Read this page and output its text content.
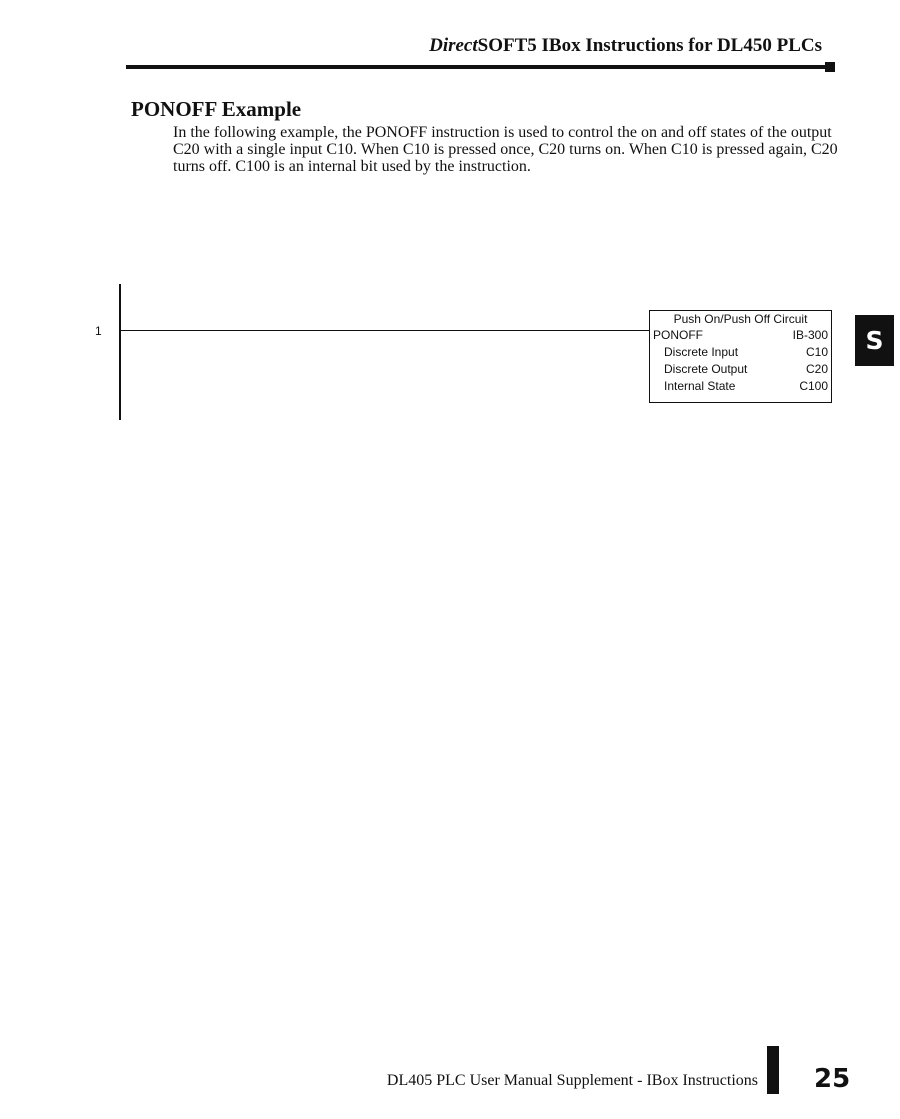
DirectSOFT5 IBox Instructions for DL450 PLCs
PONOFF Example
In the following example, the PONOFF instruction is used to control the on and off states of the output C20 with a single input C10. When C10 is pressed once, C20 turns on. When C10 is pressed again, C20 turns off. C100 is an internal bit used by the instruction.
S
1
Push On/Push Off Circuit
PONOFF	IB-300
Discrete Input	C10
Discrete Output	C20
Internal State	C100
DL405 PLC User Manual Supplement - IBox Instructions 25
